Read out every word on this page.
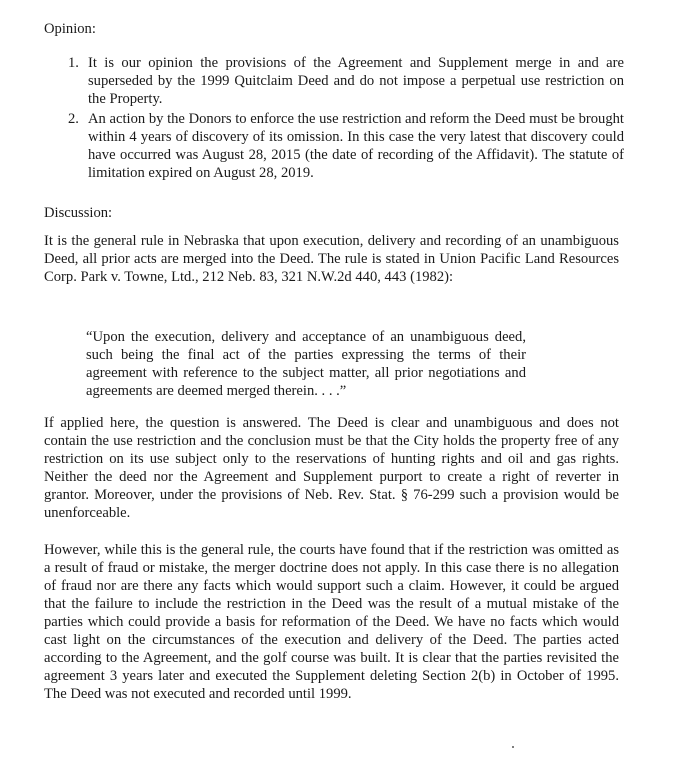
Opinion:
1. It is our opinion the provisions of the Agreement and Supplement merge in and are superseded by the 1999 Quitclaim Deed and do not impose a perpetual use restriction on the Property.
2. An action by the Donors to enforce the use restriction and reform the Deed must be brought within 4 years of discovery of its omission. In this case the very latest that discovery could have occurred was August 28, 2015 (the date of recording of the Affidavit). The statute of limitation expired on August 28, 2019.
Discussion:

It is the general rule in Nebraska that upon execution, delivery and recording of an unambiguous Deed, all prior acts are merged into the Deed. The rule is stated in Union Pacific Land Resources Corp. Park v. Towne, Ltd., 212 Neb. 83, 321 N.W.2d 440, 443 (1982):

“Upon the execution, delivery and acceptance of an unambiguous deed, such being the final act of the parties expressing the terms of their agreement with reference to the subject matter, all prior negotiations and agreements are deemed merged therein. . . .”

If applied here, the question is answered. The Deed is clear and unambiguous and does not contain the use restriction and the conclusion must be that the City holds the property free of any restriction on its use subject only to the reservations of hunting rights and oil and gas rights. Neither the deed nor the Agreement and Supplement purport to create a right of reverter in grantor. Moreover, under the provisions of Neb. Rev. Stat. § 76-299 such a provision would be unenforceable.

However, while this is the general rule, the courts have found that if the restriction was omitted as a result of fraud or mistake, the merger doctrine does not apply. In this case there is no allegation of fraud nor are there any facts which would support such a claim. However, it could be argued that the failure to include the restriction in the Deed was the result of a mutual mistake of the parties which could provide a basis for reformation of the Deed. We have no facts which would cast light on the circumstances of the execution and delivery of the Deed. The parties acted according to the Agreement, and the golf course was built. It is clear that the parties revisited the agreement 3 years later and executed the Supplement deleting Section 2(b) in October of 1995. The Deed was not executed and recorded until 1999.
